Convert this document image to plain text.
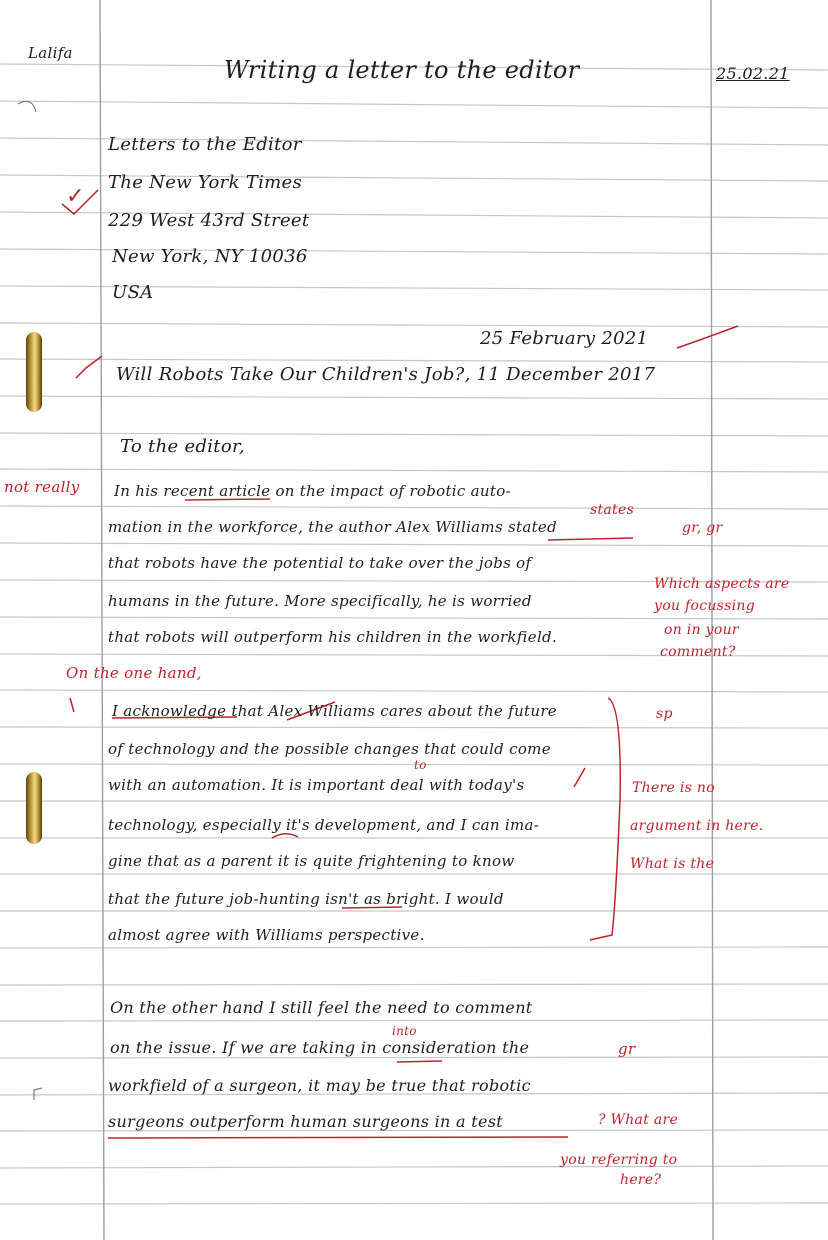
Lalifa
Writing a letter to the editor	25.02.21
Letters to the Editor
The New York Times
229 West 43rd Street
New York, NY 10036
USA
25 February 2021
Will Robots Take Our Children's Job?, 11 December 2017
To the editor,
In his recent article on the impact of robotic auto-
mation in the workforce, the author Alex Williams stated
that robots have the potential to take over the jobs of
humans in the future. More specifically, he is worried
that robots will outperform his children in the workfield.
On the one hand,
I acknowledge that Alex Williams cares about the future
of technology and the possible changes that could come
with an automation. It is important deal with today's
technology, especially it's development, and I can ima-
gine that as a parent it is quite frightening to know
that the future job-hunting isn't as bright. I would
almost agree with Williams perspective.
On the other hand I still feel the need to comment
on the issue. If we are taking in consideration the
workfield of a surgeon, it may be true that robotic
surgeons outperform human surgeons in a test
✓
not really
states
gr, gr
Which aspects are
you focussing
on in your
comment?
sp
to
There is no
argument in here.
What is the
into
gr
? What are
you referring to
here?
